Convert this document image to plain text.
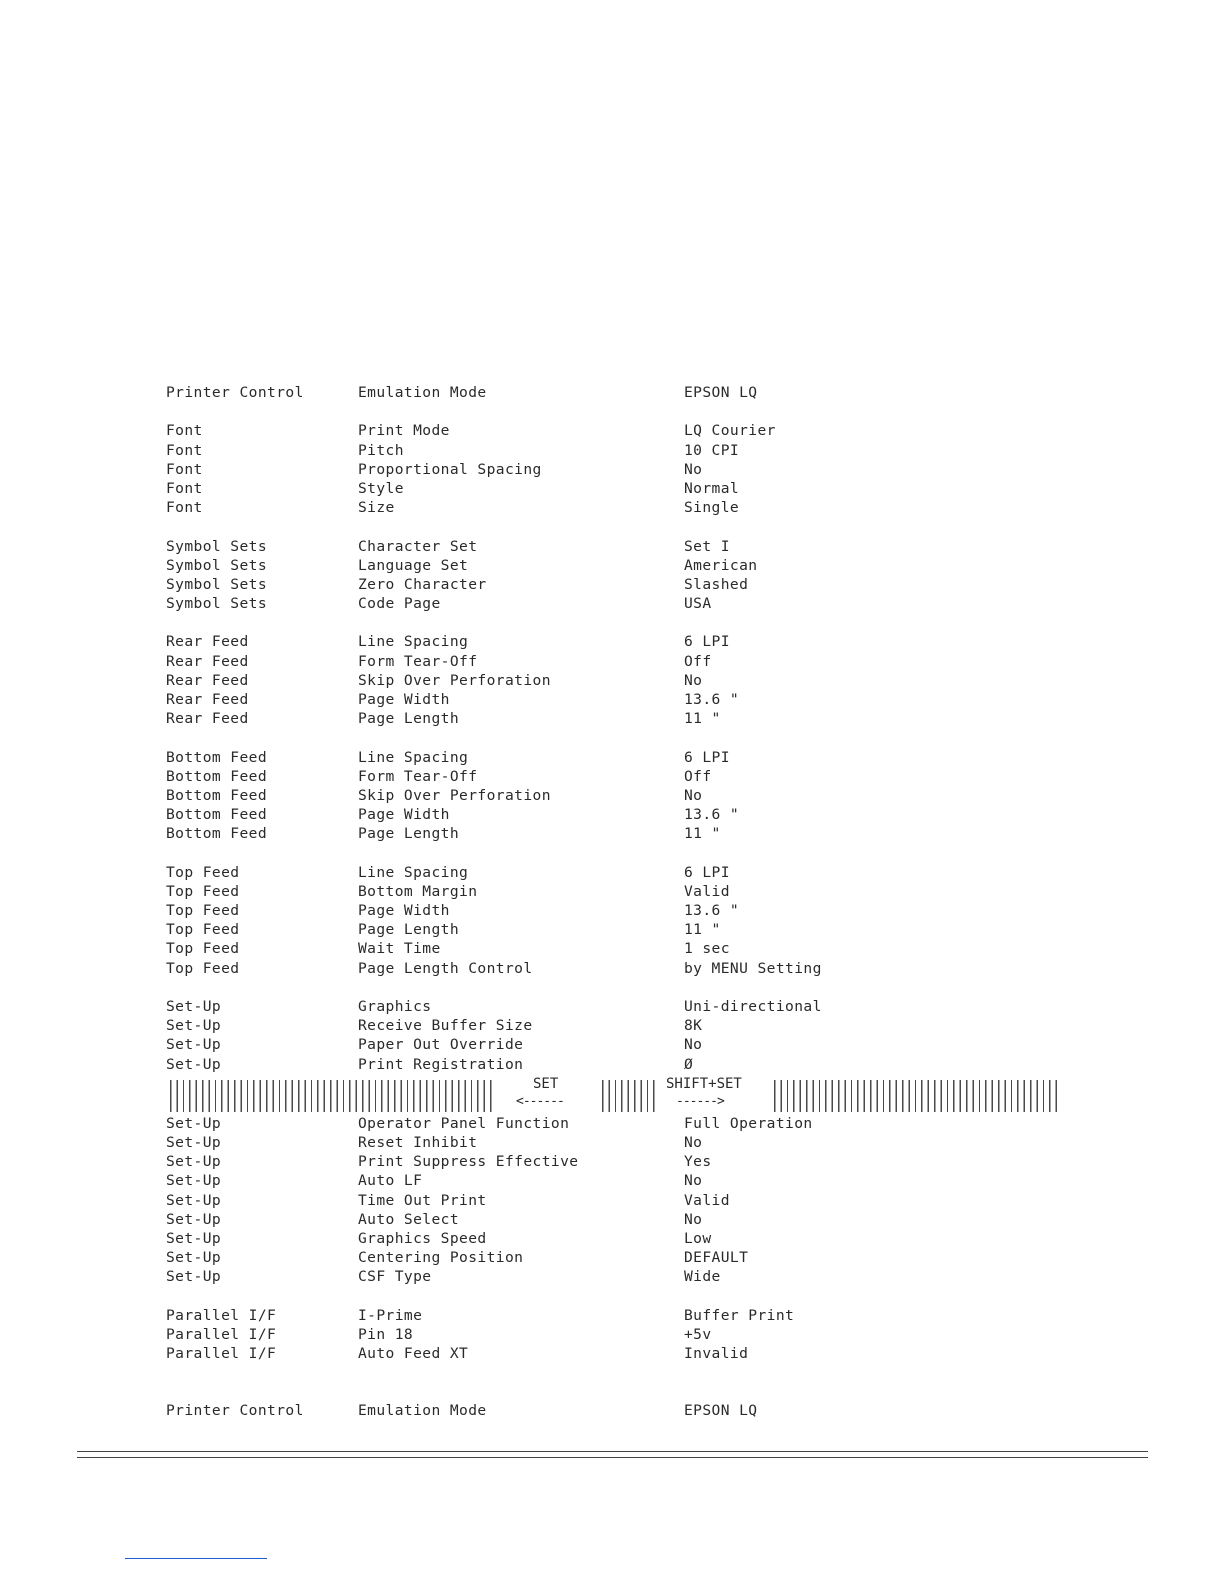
Printer Control	Emulation Mode	EPSON LQ
Font	Print Mode	LQ Courier
Font	Pitch	10 CPI
Font	Proportional Spacing	No
Font	Style	Normal
Font	Size	Single
Symbol Sets	Character Set	Set I
Symbol Sets	Language Set	American
Symbol Sets	Zero Character	Slashed
Symbol Sets	Code Page	USA
Rear Feed	Line Spacing	6 LPI
Rear Feed	Form Tear-Off	Off
Rear Feed	Skip Over Perforation	No
Rear Feed	Page Width	13.6 "
Rear Feed	Page Length	11 "
Bottom Feed	Line Spacing	6 LPI
Bottom Feed	Form Tear-Off	Off
Bottom Feed	Skip Over Perforation	No
Bottom Feed	Page Width	13.6 "
Bottom Feed	Page Length	11 "
Top Feed	Line Spacing	6 LPI
Top Feed	Bottom Margin	Valid
Top Feed	Page Width	13.6 "
Top Feed	Page Length	11 "
Top Feed	Wait Time	1 sec
Top Feed	Page Length Control	by MENU Setting
Set-Up	Graphics	Uni-directional
Set-Up	Receive Buffer Size	8K
Set-Up	Paper Out Override	No
Set-Up	Print Registration	Ø
SET
<------
SHIFT+SET
------>
Set-Up	Operator Panel Function	Full Operation
Set-Up	Reset Inhibit	No
Set-Up	Print Suppress Effective	Yes
Set-Up	Auto LF	No
Set-Up	Time Out Print	Valid
Set-Up	Auto Select	No
Set-Up	Graphics Speed	Low
Set-Up	Centering Position	DEFAULT
Set-Up	CSF Type	Wide
Parallel I/F	I-Prime	Buffer Print
Parallel I/F	Pin 18	+5v
Parallel I/F	Auto Feed XT	Invalid
Printer Control	Emulation Mode	EPSON LQ
